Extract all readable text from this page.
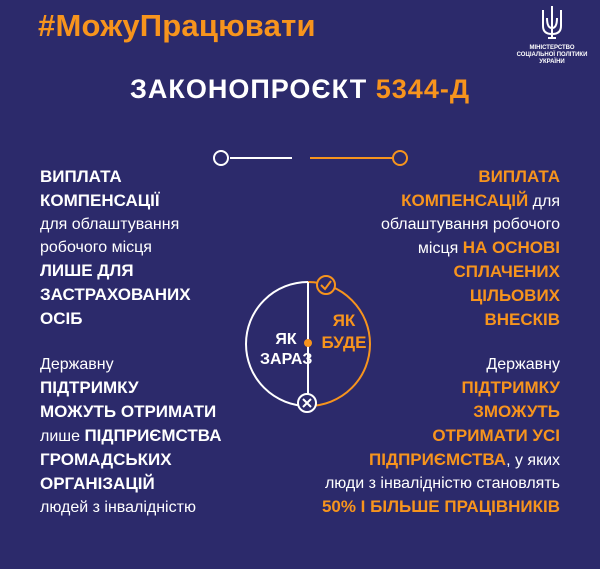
#МожуПрацювати
МІНІСТЕРСТВО
СОЦІАЛЬНОЇ ПОЛІТИКИ
УКРАЇНИ
ЗАКОНОПРОЄКТ 5344-Д
ЯК
ЗАРАЗ
ЯК
БУДЕ
ВИПЛАТА
КОМПЕНСАЦІЇ
для облаштування
робочого місця
ЛИШЕ ДЛЯ
ЗАСТРАХОВАНИХ
ОСІБ
ВИПЛАТА
КОМПЕНСАЦІЙ для
облаштування робочого
місця НА ОСНОВІ
СПЛАЧЕНИХ
ЦІЛЬОВИХ
ВНЕСКІВ
Державну
ПІДТРИМКУ
МОЖУТЬ ОТРИМАТИ
лише ПІДПРИЄМСТВА
ГРОМАДСЬКИХ
ОРГАНІЗАЦІЙ
людей з інвалідністю
Державну
ПІДТРИМКУ
ЗМОЖУТЬ
ОТРИМАТИ УСІ
ПІДПРИЄМСТВА, у яких
люди з інвалідністю становлять
50% І БІЛЬШЕ ПРАЦІВНИКІВ
